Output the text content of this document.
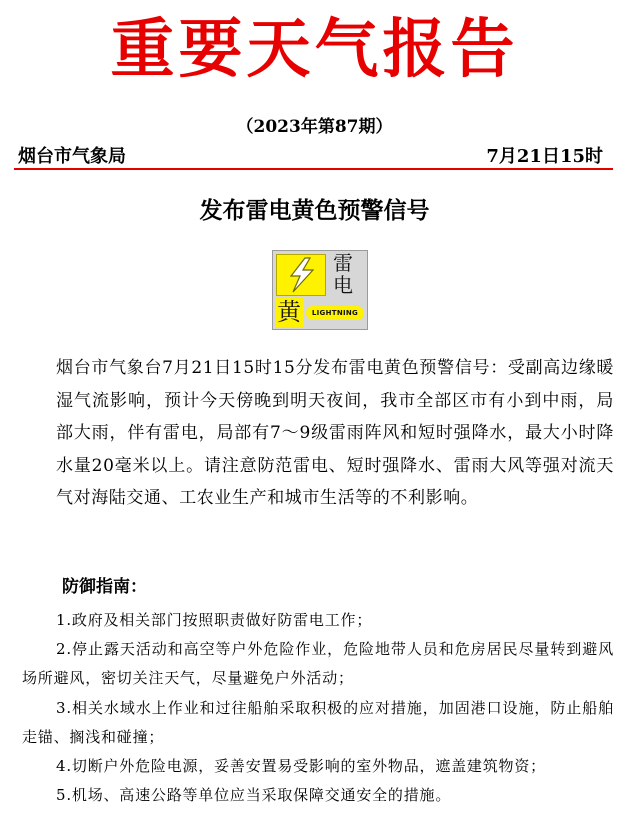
重要天气报告
（2023年第87期）
烟台市气象局	7月21日15时
发布雷电黄色预警信号
雷
电
黄	LIGHTNING
烟台市气象台7月21日15时15分发布雷电黄色预警信号：受副高边缘暖湿气流影响，预计今天傍晚到明天夜间，我市全部区市有小到中雨，局部大雨，伴有雷电，局部有7～9级雷雨阵风和短时强降水，最大小时降水量20毫米以上。请注意防范雷电、短时强降水、雷雨大风等强对流天气对海陆交通、工农业生产和城市生活等的不利影响。
防御指南：
1.政府及相关部门按照职责做好防雷电工作；
2.停止露天活动和高空等户外危险作业，危险地带人员和危房居民尽量转到避风场所避风，密切关注天气，尽量避免户外活动；
3.相关水域水上作业和过往船舶采取积极的应对措施，加固港口设施，防止船舶走锚、搁浅和碰撞；
4.切断户外危险电源，妥善安置易受影响的室外物品，遮盖建筑物资；
5.机场、高速公路等单位应当采取保障交通安全的措施。
